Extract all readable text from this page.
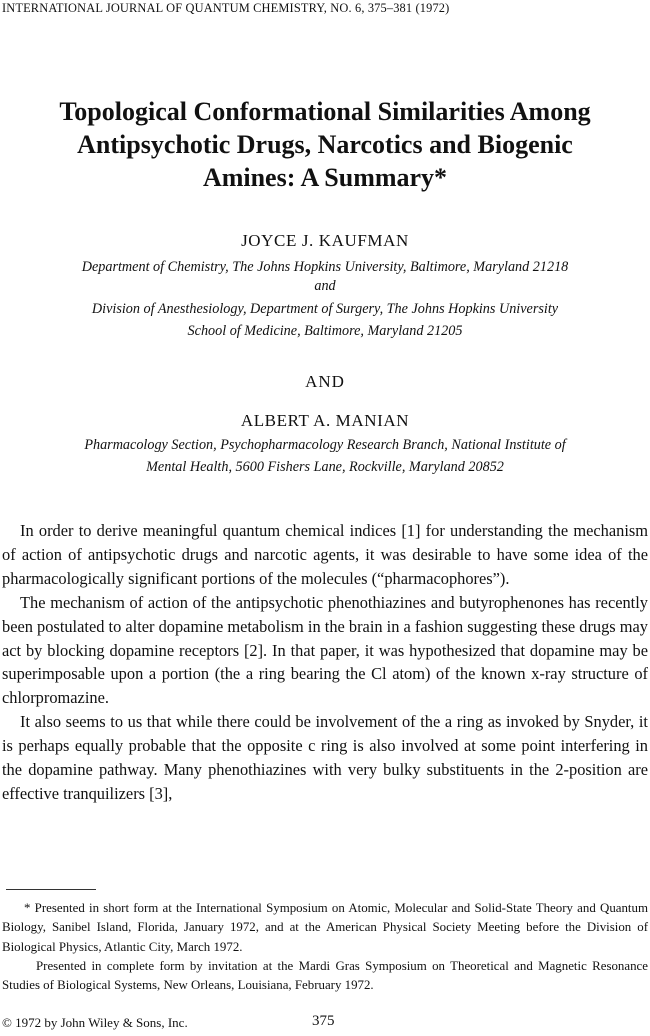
INTERNATIONAL JOURNAL OF QUANTUM CHEMISTRY, NO. 6, 375–381 (1972)
Topological Conformational Similarities Among
Antipsychotic Drugs, Narcotics and Biogenic
Amines: A Summary*
JOYCE J. KAUFMAN
Department of Chemistry, The Johns Hopkins University, Baltimore, Maryland 21218
and
Division of Anesthesiology, Department of Surgery, The Johns Hopkins University
School of Medicine, Baltimore, Maryland 21205
AND
ALBERT A. MANIAN
Pharmacology Section, Psychopharmacology Research Branch, National Institute of
Mental Health, 5600 Fishers Lane, Rockville, Maryland 20852

In order to derive meaningful quantum chemical indices [1] for understanding the mechanism of action of antipsychotic drugs and narcotic agents, it was desirable to have some idea of the pharmacologically significant portions of the molecules (“pharmacophores”).

The mechanism of action of the antipsychotic phenothiazines and butyrophenones has recently been postulated to alter dopamine metabolism in the brain in a fashion suggesting these drugs may act by blocking dopamine receptors [2]. In that paper, it was hypothesized that dopamine may be superimposable upon a portion (the a ring bearing the Cl atom) of the known x-ray structure of chlorpromazine.

It also seems to us that while there could be involvement of the a ring as invoked by Snyder, it is perhaps equally probable that the opposite c ring is also involved at some point interfering in the dopamine pathway. Many phenothiazines with very bulky substituents in the 2-position are effective tranquilizers [3],

* Presented in short form at the International Symposium on Atomic, Molecular and Solid-State Theory and Quantum Biology, Sanibel Island, Florida, January 1972, and at the American Physical Society Meeting before the Division of Biological Physics, Atlantic City, March 1972.

Presented in complete form by invitation at the Mardi Gras Symposium on Theoretical and Magnetic Resonance Studies of Biological Systems, New Orleans, Louisiana, February 1972.

© 1972 by John Wiley & Sons, Inc.	375
